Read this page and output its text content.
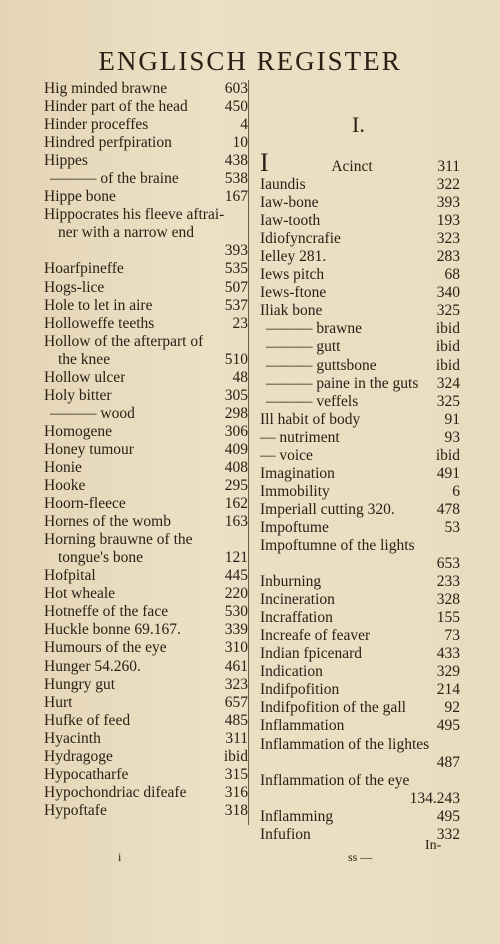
ENGLISCH REGISTER
Hig minded brawne	603
Hinder part of the head 450
Hinder proceffes	4
Hindred perfpiration	10
Hippes	438
——— of the braine	538
Hippe bone	167
Hippocrates his fleeve aftrai-
ner with a narrow end
393
Hoarfpineffe	535
Hogs-lice	507
Hole to let in aire	537
Holloweffe teeths	23
Hollow of the afterpart of
the knee	510
Hollow ulcer	48
Holy bitter	305
——— wood	298
Homogene	306
Honey tumour	409
Honie	408
Hooke	295
Hoorn-fleece	162
Hornes of the womb	163
Horning brauwne of the
tongue's bone	121
Hofpital	445
Hot wheale	220
Hotneffe of the face	530
Huckle bonne 69.167.	339
Humours of the eye	310
Hunger 54.260.	461
Hungry gut	323
Hurt	657
Hufke of feed	485
Hyacinth	311
Hydragoge	ibid
Hypocatharfe	315
Hypochondriac difeafe 316
Hypoftafe	318
I.
I	Acinct	311
Iaundis	322
Iaw-bone	393
Iaw-tooth	193
Idiofyncrafie	323
Ielley 281.	283
Iews pitch	68
Iews-ftone	340
Iliak bone	325
——— brawne	ibid
——— gutt	ibid
——— guttsbone	ibid
——— paine in the guts 324
——— veffels	325
Ill habit of body	91
— nutriment	93
— voice	ibid
Imagination	491
Immobility	6
Imperiall cutting 320.	478
Impoftume	53
Impoftumne of the lights
653
Inburning	233
Incineration	328
Incraffation	155
Increafe of feaver	73
Indian fpicenard	433
Indication	329
Indifpofition	214
Indifpofition of the gall 92
Inflammation	495
Inflammation of the lightes
487
Inflammation of the eye
134.243
Inflamming	495
Infufion	332
i	ss —
In-
